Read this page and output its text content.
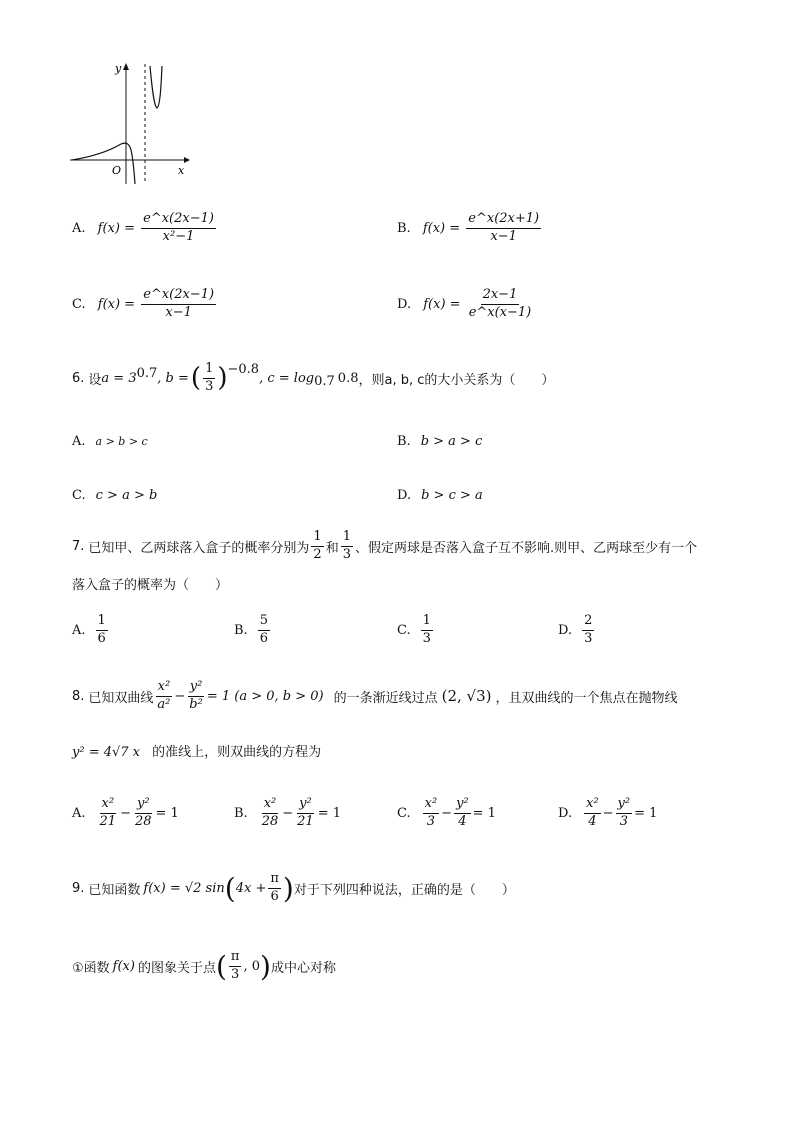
y
x
O
A. $f(x) = \frac{e\^{}x(2x-1)}{\text{x²−1}}$	B. $f(x) = \frac{e\^{}x(2x+1)}{x-1}$
C. $f(x) = \frac{e\^{}x(2x-1)}{x-1}$	D. $f(x) = \frac{2x-1}{e\^{}x(x-1)}$
6. 设 a = 3 0.7 , b = ( $\frac{1}{3}$ ) −0.8
, c = log 0.7 0.8 ，则a, b, c的大小关系为（　　）
A. a > b > c	B. b > a > c
C. c > a > b	D. b > c > a
7. 已知甲、乙两球落入盒子的概率分别为 $\frac{1}{2}$ 和 $\frac{1}{3}$ 、假定两球是否落入盒子互不影响.则甲、乙两球至少有一个
落入盒子的概率为（　　）
A. $\frac{1}{6}$	B. $\frac{5}{6}$	C. $\frac{1}{3}$	D. $\frac{2}{3}$
8. 已知双曲线 $\frac{\text{x²}}{\text{a²}} - \frac{\text{y²}}{\text{b²}} = 1$ (a > 0, b > 0) 的一条渐近线过点 (2, √3) ，且双曲线的一个焦点在抛物线
y² = 4√7 x 的准线上，则双曲线的方程为
A. $\frac{\text{x²}}{21} - \frac{\text{y²}}{28} = 1$	B. $\frac{\text{x²}}{28} - \frac{\text{y²}}{21} = 1$	C. $\frac{\text{x²}}{3} - \frac{\text{y²}}{4} = 1$	D. $\frac{\text{x²}}{4} - \frac{\text{y²}}{3} = 1$
9. 已知函数 f(x) = √2 sin ( $4x + \frac{\pi}{6}$ ) 对于下列四种说法，正确的是（　　）
①函数 f(x) 的图象关于点 ( $\frac{\pi}{3}$ , 0 ) 成中心对称
